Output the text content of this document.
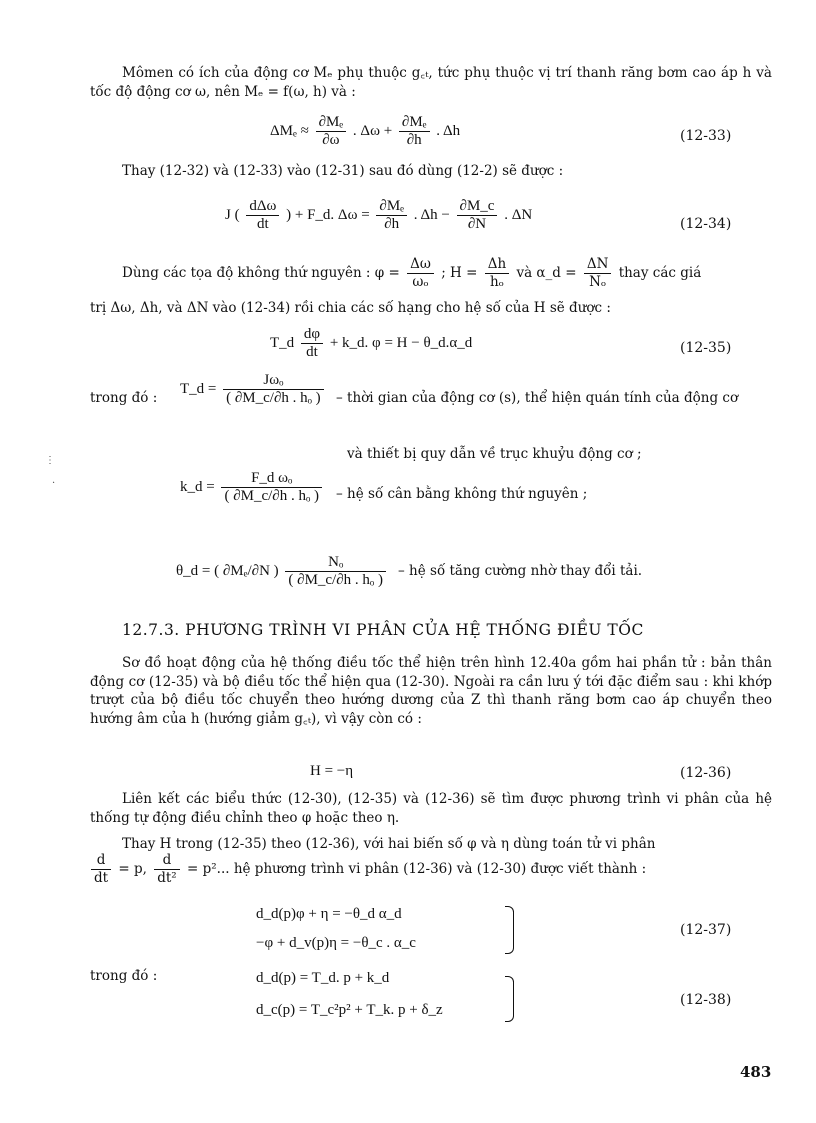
Mômen có ích của động cơ Mₑ phụ thuộc g꜀ₜ, tức phụ thuộc vị trí thanh răng bơm cao áp h và tốc độ động cơ ω, nên Mₑ = f(ω, h) và :
$\Delta M_e \approx \frac{\text{∂Mₑ}}{\partial\omega}$ . $\Delta\omega + \frac{\text{∂Mₑ}}{\partial h}$ . Δh	(12-33)
Thay (12-32) và (12-33) vào (12-31) sau đó dùng (12-2) sẽ được :
J ( $\frac{\text{dΔω}}{dt}$ ) + F_d. $\Delta\omega = \frac{\text{∂Mₑ}}{\partial h}$ . $\Delta h - \frac{\partial M\_c}{\partial N}$ . ΔN
(12-34)
Dùng các tọa độ không thứ nguyên : $\varphi = \frac{\Delta\omega}{\text{ωₒ}}$ ; $H = \frac{\Delta h}{\text{hₒ}}$ và α_d = $\frac{\Delta N}{\text{Nₒ}}$ thay các giá
trị Δω, Δh, và ΔN vào (12-34) rồi chia các số hạng cho hệ số của H sẽ được :
T_d $\frac{d\varphi}{dt}$ + k_d. φ = H − θ_d.α_d	(12-35)
trong đó :
T_d = $\frac{\text{Jωₒ}}{\text{( ∂M\_c/∂h . hₒ )}}$ – thời gian của động cơ (s), thể hiện quán tính của động cơ
và thiết bị quy dẫn về trục khuỷu động cơ ;
k_d = $\frac{\text{F\_d ωₒ}}{\text{( ∂M\_c/∂h . hₒ )}}$ – hệ số cân bằng không thứ nguyên ;
θ_d = ( ∂Mₑ/∂N ) $\frac{\text{Nₒ}}{\text{( ∂M\_c/∂h . hₒ )}}$ – hệ số tăng cường nhờ thay đổi tải.
12.7.3. PHƯƠNG TRÌNH VI PHÂN CỦA HỆ THỐNG ĐIỀU TỐC
Sơ đồ hoạt động của hệ thống điều tốc thể hiện trên hình 12.40a gồm hai phần tử : bản thân động cơ (12-35) và bộ điều tốc thể hiện qua (12-30). Ngoài ra cần lưu ý tới đặc điểm sau : khi khớp trượt của bộ điều tốc chuyển theo hướng dương của Z thì thanh răng bơm cao áp chuyển theo hướng âm của h (hướng giảm g꜀ₜ), vì vậy còn có :
H = −η	(12-36)
Liên kết các biểu thức (12-30), (12-35) và (12-36) sẽ tìm được phương trình vi phân của hệ thống tự động điều chỉnh theo φ hoặc theo η.
Thay H trong (12-35) theo (12-36), với hai biến số φ và η dùng toán tử vi phân
$\frac{d}{dt} = p$, $\frac{d}{\text{dt²}} = p^2$... hệ phương trình vi phân (12-36) và (12-30) được viết thành :
d_d(p)φ + η = −θ_d α_d
−φ + d_v(p)η = −θ_c . α_c
(12-37)
trong đó :	d_d(p) = T_d. p + k_d
d_c(p) = T_c²p² + T_k. p + δ_z
(12-38)
483
⋮
·
